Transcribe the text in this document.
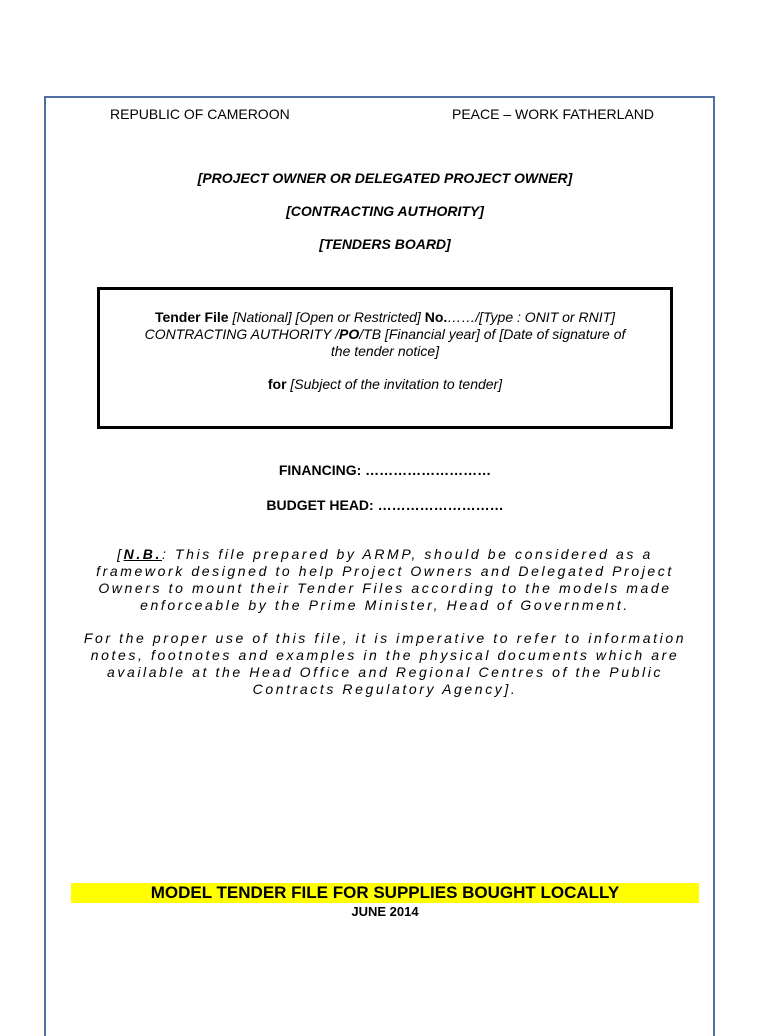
REPUBLIC OF CAMEROON	PEACE – WORK FATHERLAND
[PROJECT OWNER OR DELEGATED PROJECT OWNER]
[CONTRACTING AUTHORITY]
[TENDERS BOARD]

Tender File [National] [Open or Restricted] No.……/[Type : ONIT or RNIT]

CONTRACTING AUTHORITY /PO/TB [Financial year] of [Date of signature of

the tender notice]

for [Subject of the invitation to tender]

FINANCING: ………………………
BUDGET HEAD: ………………………

[N.B.: This file prepared by ARMP, should be considered as a framework designed to help Project Owners and Delegated Project Owners to mount their Tender Files according to the models made enforceable by the Prime Minister, Head of Government.

For the proper use of this file, it is imperative to refer to information notes, footnotes and examples in the physical documents which are available at the Head Office and Regional Centres of the Public Contracts Regulatory Agency].

MODEL TENDER FILE FOR SUPPLIES BOUGHT LOCALLY
JUNE 2014
